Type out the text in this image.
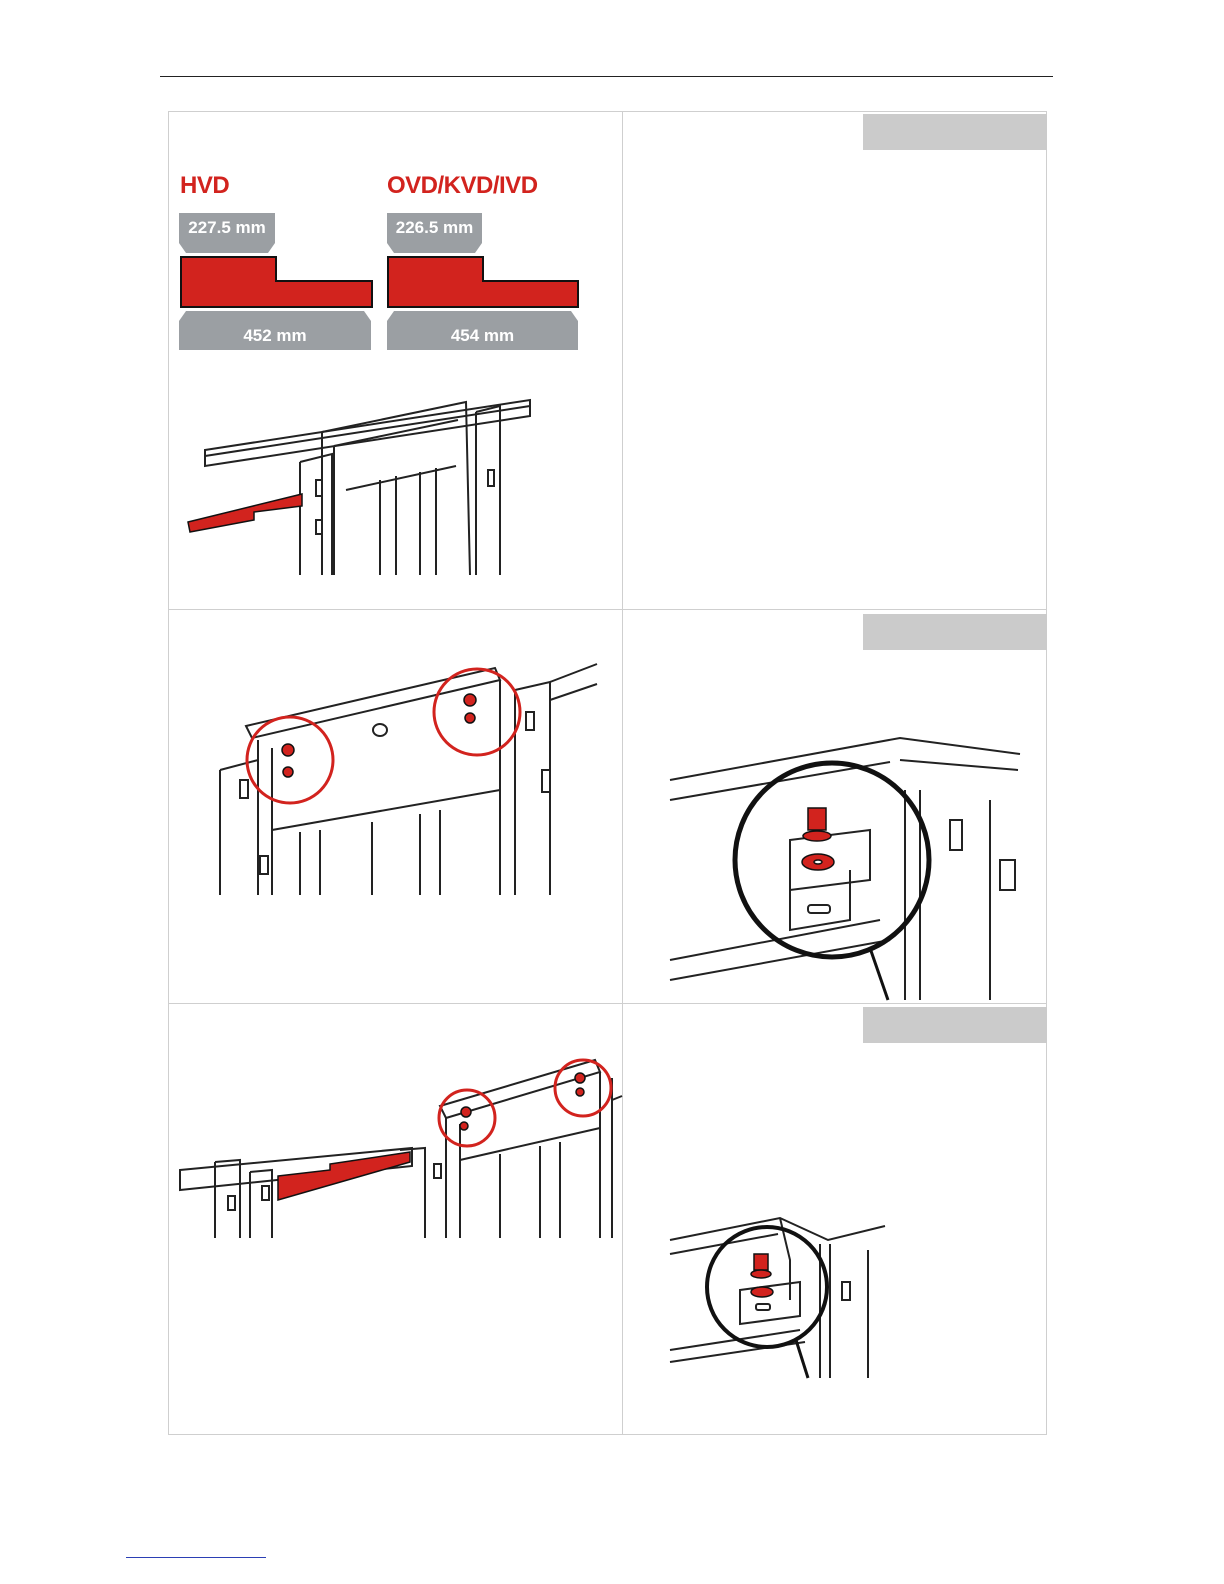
HVD	OVD/KVD/IVD
227.5 mm	226.5 mm
452 mm	454 mm
